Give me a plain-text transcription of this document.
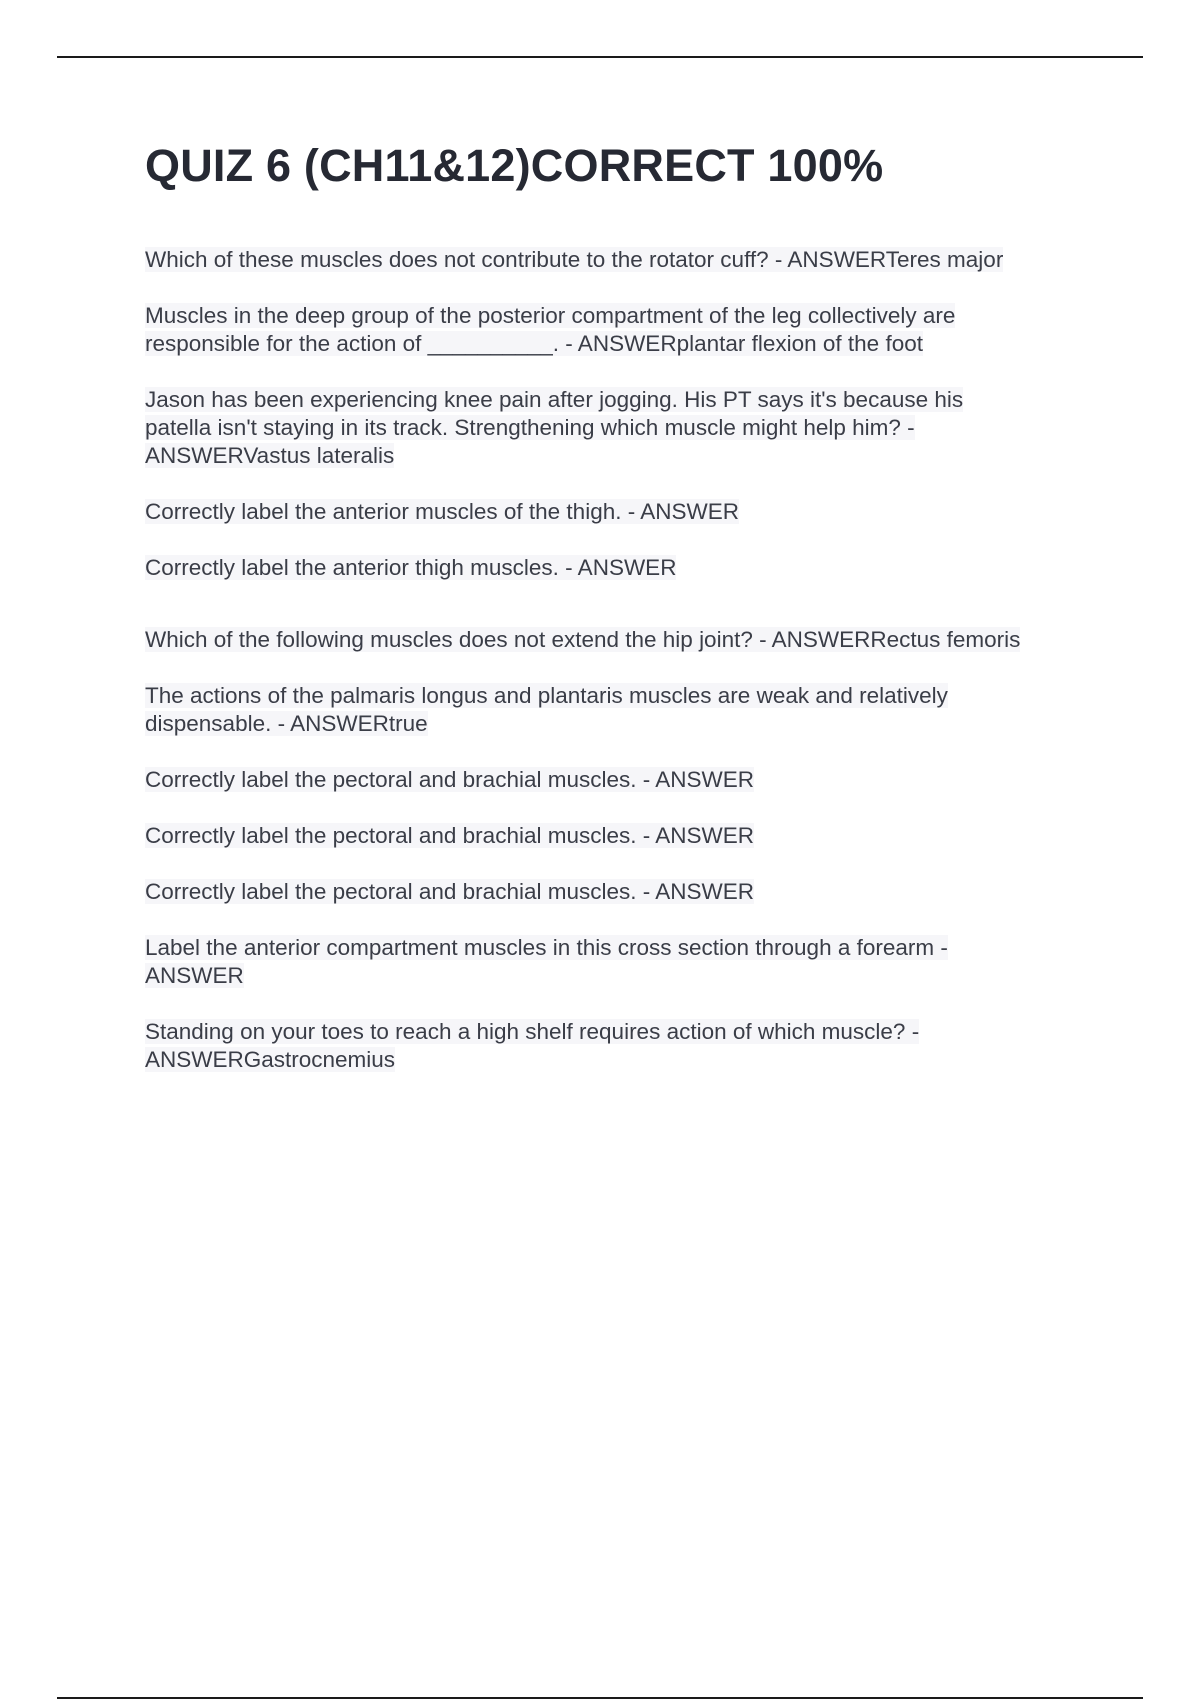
QUIZ 6 (CH11&12)CORRECT 100%
Which of these muscles does not contribute to the rotator cuff? - ANSWERTeres major
Muscles in the deep group of the posterior compartment of the leg collectively are responsible for the action of __________. - ANSWERplantar flexion of the foot
Jason has been experiencing knee pain after jogging. His PT says it's because his patella isn't staying in its track. Strengthening which muscle might help him? - ANSWERVastus lateralis
Correctly label the anterior muscles of the thigh. - ANSWER
Correctly label the anterior thigh muscles. - ANSWER
Which of the following muscles does not extend the hip joint? - ANSWERRectus femoris
The actions of the palmaris longus and plantaris muscles are weak and relatively dispensable. - ANSWERtrue
Correctly label the pectoral and brachial muscles. - ANSWER
Correctly label the pectoral and brachial muscles. - ANSWER
Correctly label the pectoral and brachial muscles. - ANSWER
Label the anterior compartment muscles in this cross section through a forearm - ANSWER
Standing on your toes to reach a high shelf requires action of which muscle? - ANSWERGastrocnemius
